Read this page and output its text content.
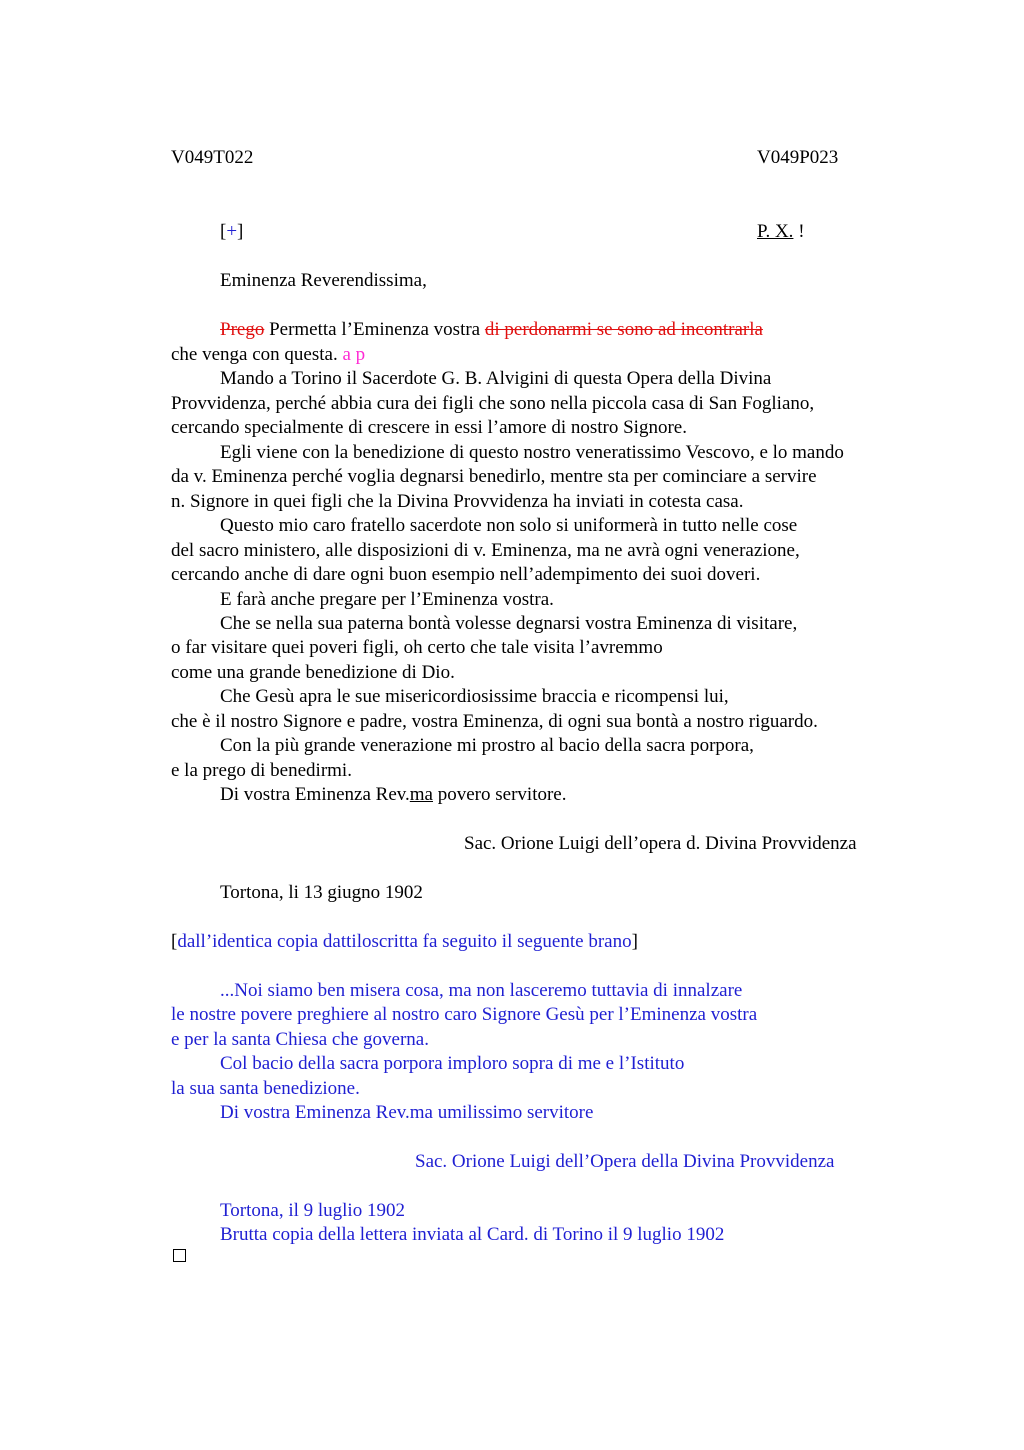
V049T022	V049P023
[+]	P. X. !
Eminenza Reverendissima,
Prego Permetta l’Eminenza vostra di perdonarmi se sono ad incontrarla
che venga con questa. a p
Mando a Torino il Sacerdote G. B. Alvigini di questa Opera della Divina
Provvidenza, perché abbia cura dei figli che sono nella piccola casa di San Fogliano,
cercando specialmente di crescere in essi l’amore di nostro Signore.
Egli viene con la benedizione di questo nostro veneratissimo Vescovo, e lo mando
da v. Eminenza perché voglia degnarsi benedirlo, mentre sta per cominciare a servire
n. Signore in quei figli che la Divina Provvidenza ha inviati in cotesta casa.
Questo mio caro fratello sacerdote non solo si uniformerà in tutto nelle cose
del sacro ministero, alle disposizioni di v. Eminenza, ma ne avrà ogni venerazione,
cercando anche di dare ogni buon esempio nell’adempimento dei suoi doveri.
E farà anche pregare per l’Eminenza vostra.
Che se nella sua paterna bontà volesse degnarsi vostra Eminenza di visitare,
o far visitare quei poveri figli, oh certo che tale visita l’avremmo
come una grande benedizione di Dio.
Che Gesù apra le sue misericordiosissime braccia e ricompensi lui,
che è il nostro Signore e padre, vostra Eminenza, di ogni sua bontà a nostro riguardo.
Con la più grande venerazione mi prostro al bacio della sacra porpora,
e la prego di benedirmi.
Di vostra Eminenza Rev.ma povero servitore.
Sac. Orione Luigi dell’opera d. Divina Provvidenza
Tortona, li 13 giugno 1902
[dall’identica copia dattiloscritta fa seguito il seguente brano]
...Noi siamo ben misera cosa, ma non lasceremo tuttavia di innalzare
le nostre povere preghiere al nostro caro Signore Gesù per l’Eminenza vostra
e per la santa Chiesa che governa.
Col bacio della sacra porpora imploro sopra di me e l’Istituto
la sua santa benedizione.
Di vostra Eminenza Rev.ma umilissimo servitore
Sac. Orione Luigi dell’Opera della Divina Provvidenza
Tortona, il 9 luglio 1902
Brutta copia della lettera inviata al Card. di Torino il 9 luglio 1902
